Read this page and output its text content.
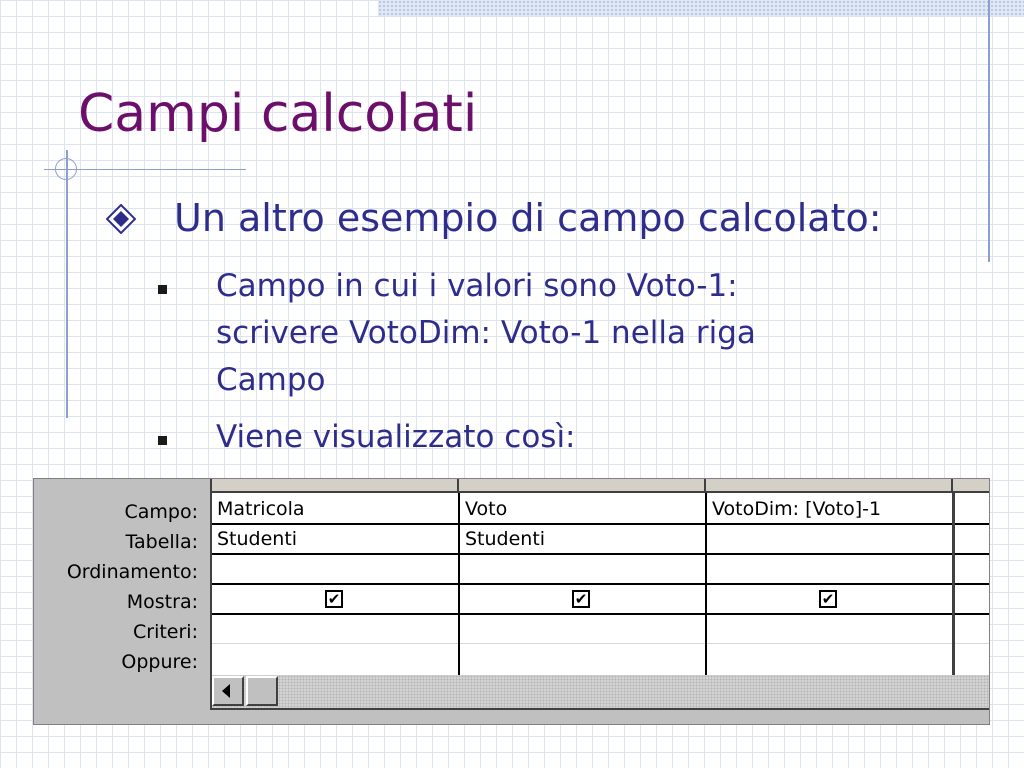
Campi calcolati
Un altro esempio di campo calcolato:
Campo in cui i valori sono Voto-1: scrivere VotoDim: Voto-1 nella riga Campo
Viene visualizzato così:
Campo:
Tabella:
Ordinamento:
Mostra:
Criteri:
Oppure:
Matricola
Studenti
✔
Voto
Studenti
✔
VotoDim: [Voto]-1
✔
